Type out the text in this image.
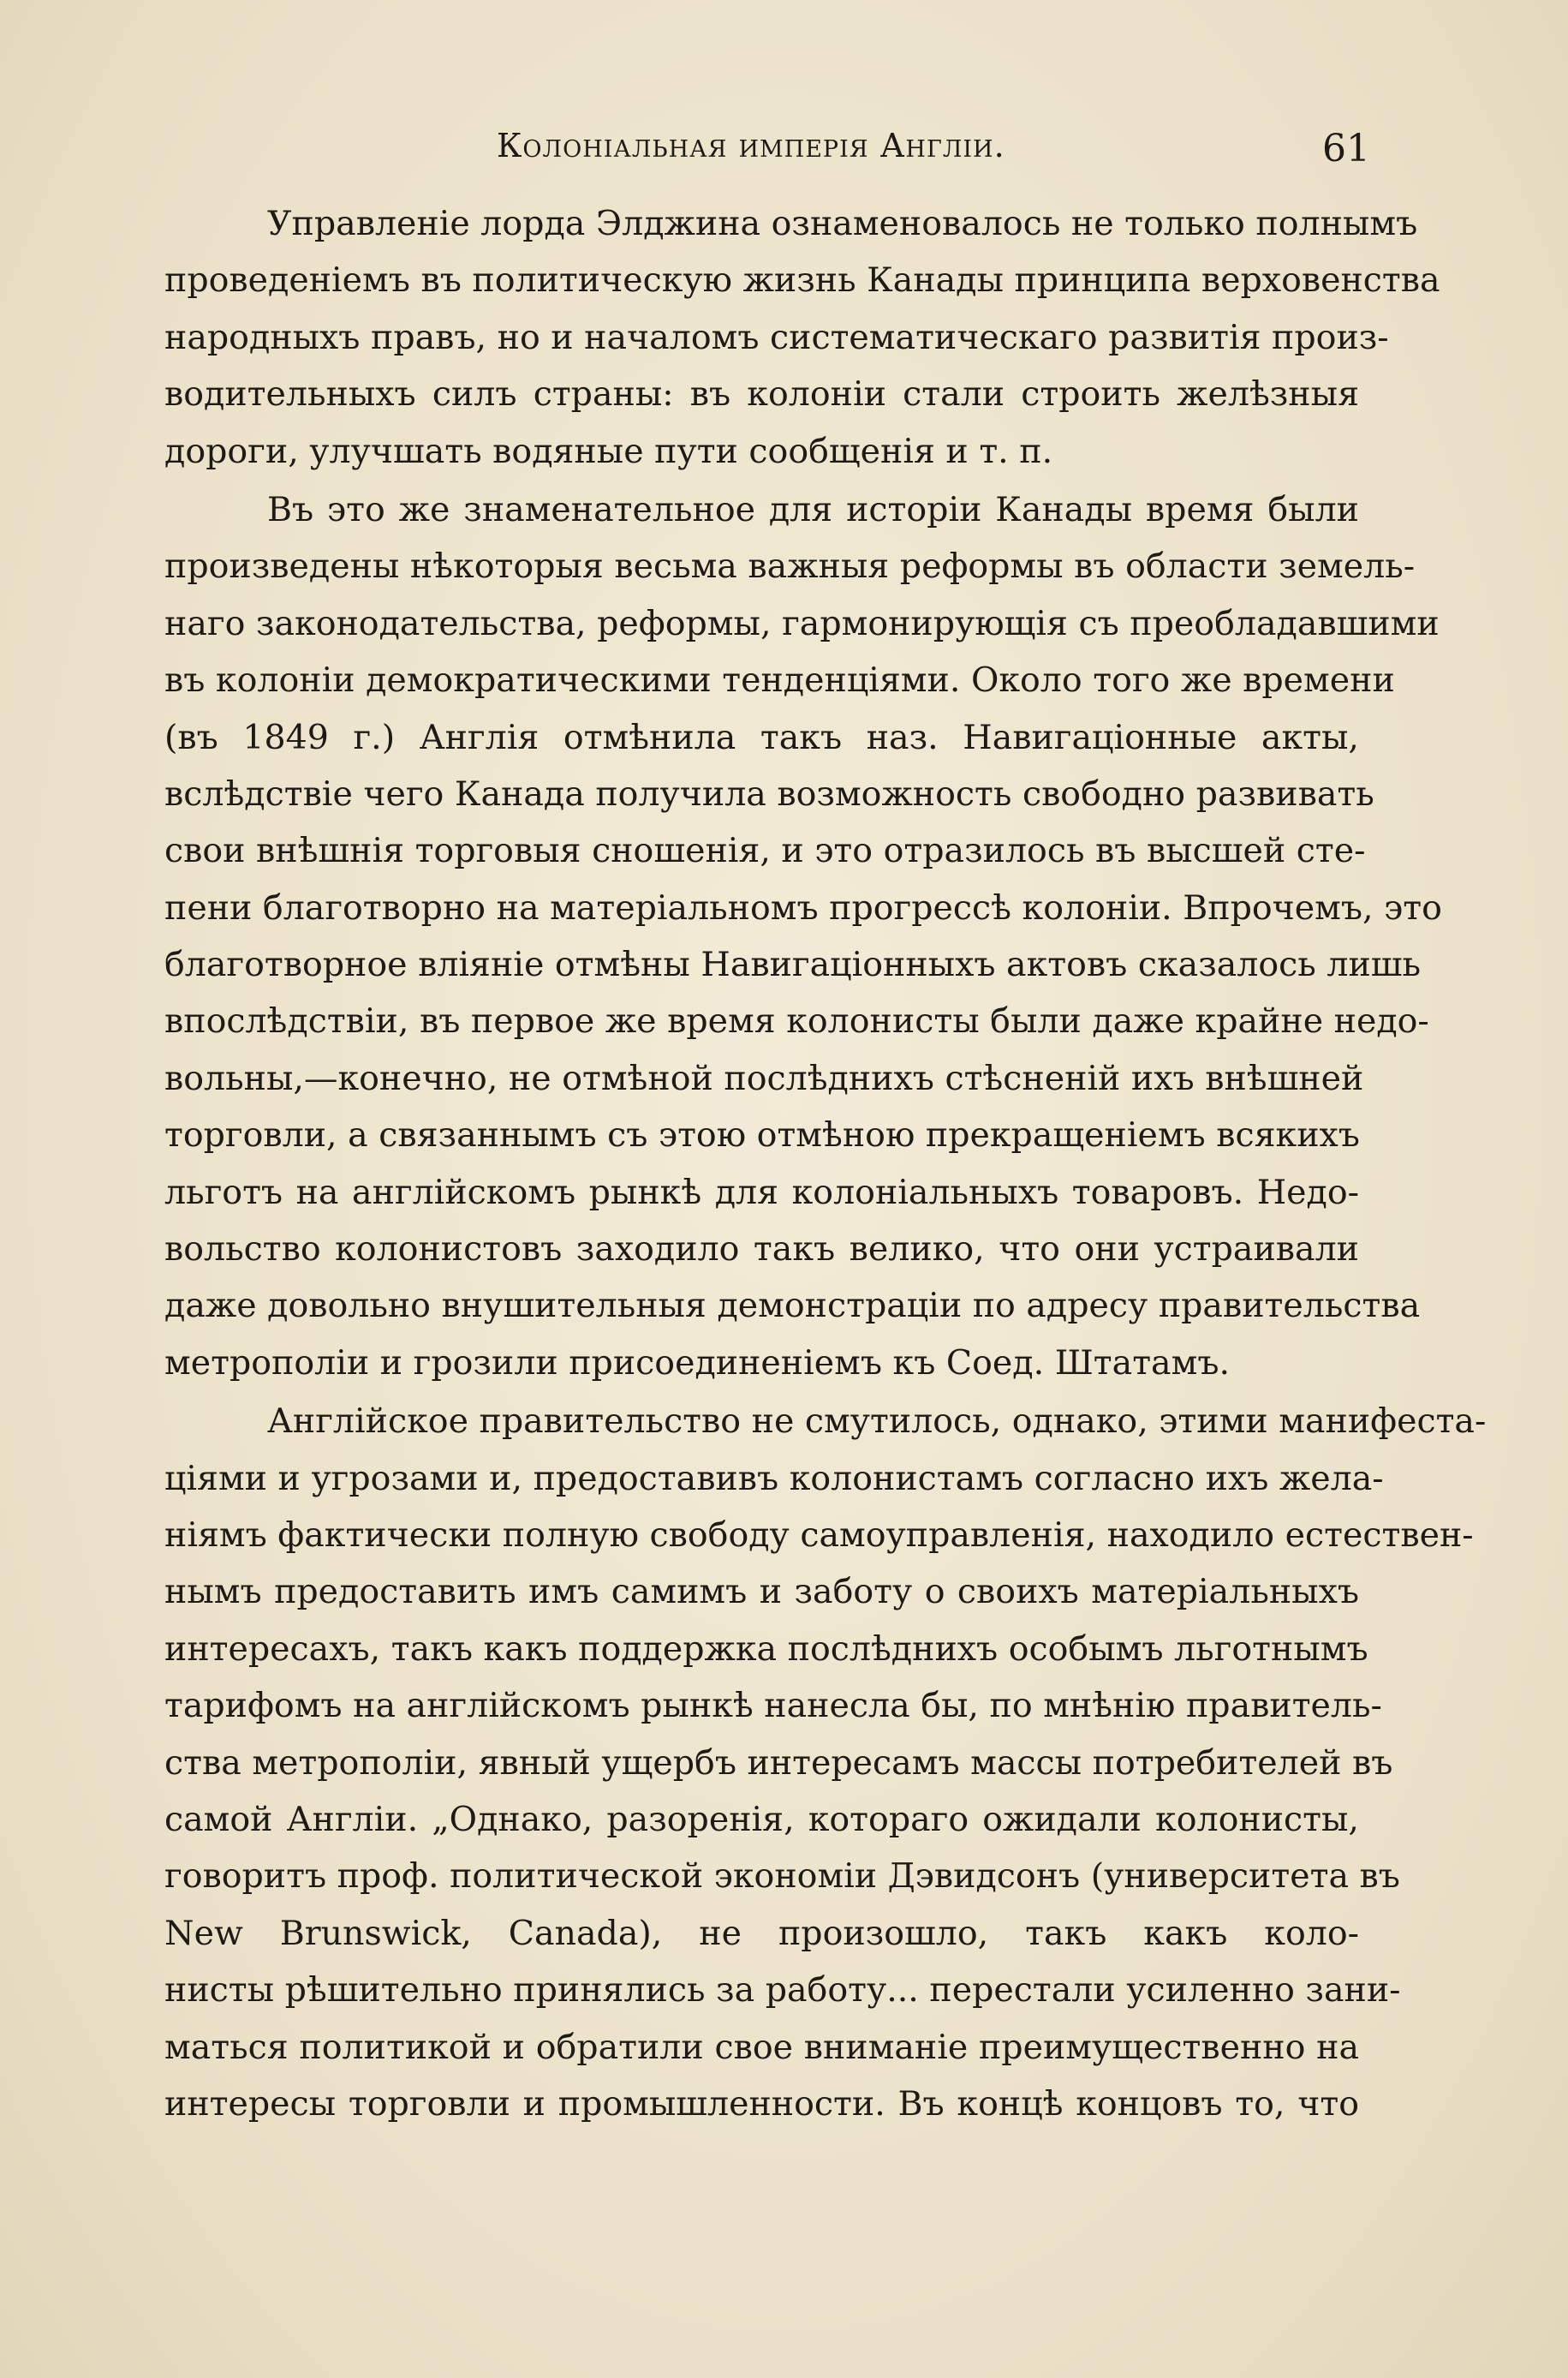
Колоніальная имперія Англіи.	61
Управленіе лорда Элджина ознаменовалось не только полнымъ
проведеніемъ въ политическую жизнь Канады принципа верховенства
народныхъ правъ, но и началомъ систематическаго развитія произ-
водительныхъ силъ страны: въ колоніи стали строить желѣзныя
дороги, улучшать водяные пути сообщенія и т. п.
Въ это же знаменательное для исторіи Канады время были
произведены нѣкоторыя весьма важныя реформы въ области земель-
наго законодательства, реформы, гармонирующія съ преобладавшими
въ колоніи демократическими тенденціями. Около того же времени
(въ 1849 г.) Англія отмѣнила такъ наз. Навигаціонные акты,
вслѣдствіе чего Канада получила возможность свободно развивать
свои внѣшнія торговыя сношенія, и это отразилось въ высшей сте-
пени благотворно на матеріальномъ прогрессѣ колоніи. Впрочемъ, это
благотворное вліяніе отмѣны Навигаціонныхъ актовъ сказалось лишь
впослѣдствіи, въ первое же время колонисты были даже крайне недо-
вольны,—конечно, не отмѣной послѣднихъ стѣсненій ихъ внѣшней
торговли, а связаннымъ съ этою отмѣною прекращеніемъ всякихъ
льготъ на англійскомъ рынкѣ для колоніальныхъ товаровъ. Недо-
вольство колонистовъ заходило такъ велико, что они устраивали
даже довольно внушительныя демонстраціи по адресу правительства
метрополіи и грозили присоединеніемъ къ Соед. Штатамъ.
Англійское правительство не смутилось, однако, этими манифеста-
ціями и угрозами и, предоставивъ колонистамъ согласно ихъ жела-
ніямъ фактически полную свободу самоуправленія, находило естествен-
нымъ предоставить имъ самимъ и заботу о своихъ матеріальныхъ
интересахъ, такъ какъ поддержка послѣднихъ особымъ льготнымъ
тарифомъ на англійскомъ рынкѣ нанесла бы, по мнѣнію правитель-
ства метрополіи, явный ущербъ интересамъ массы потребителей въ
самой Англіи. „Однако, разоренія, котораго ожидали колонисты,
говоритъ проф. политической экономіи Дэвидсонъ (университета въ
New Brunswick, Canada), не произошло, такъ какъ коло-
нисты рѣшительно принялись за работу... перестали усиленно зани-
маться политикой и обратили свое вниманіе преимущественно на
интересы торговли и промышленности. Въ концѣ концовъ то, что
